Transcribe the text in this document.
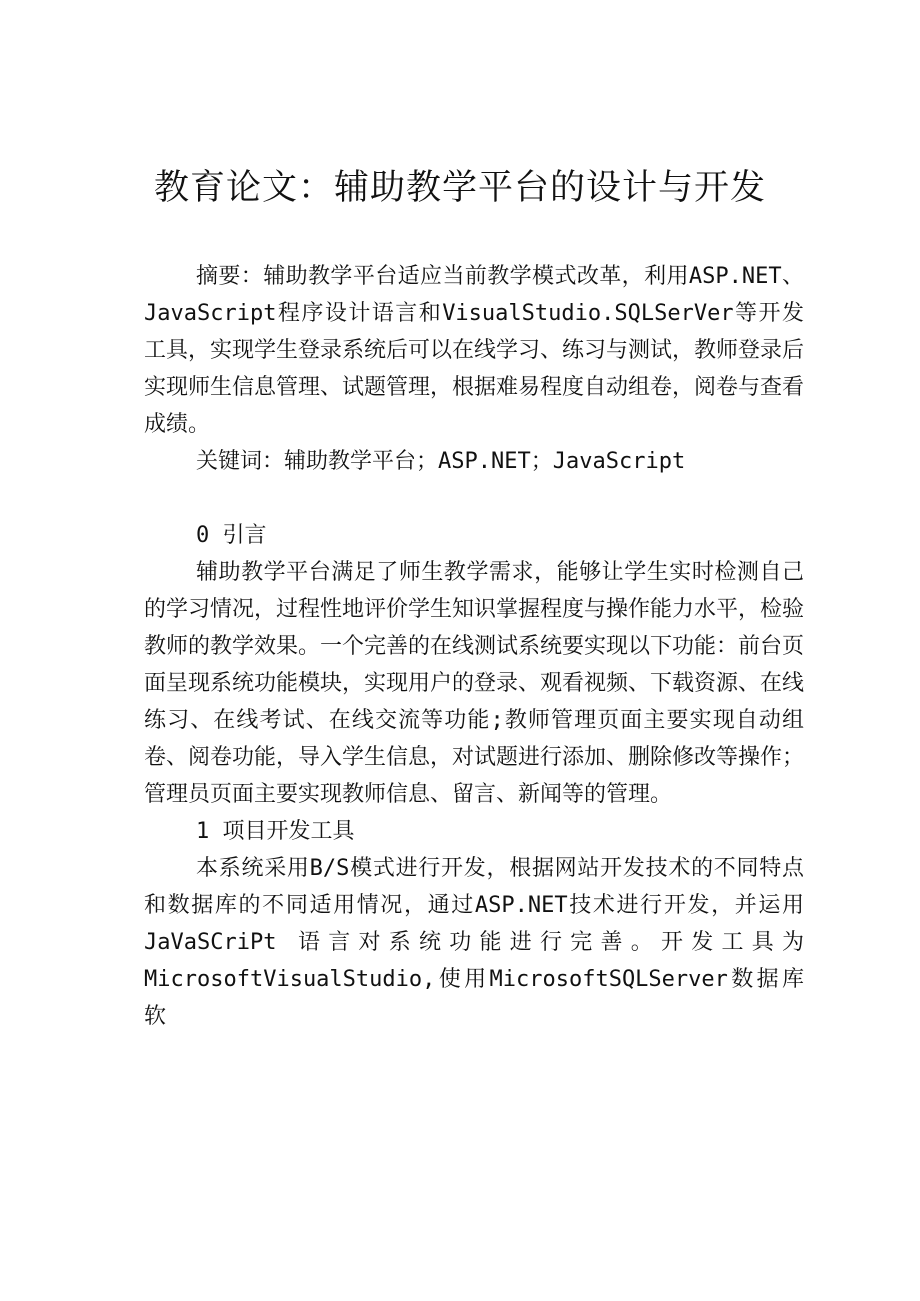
教育论文：辅助教学平台的设计与开发

摘要：辅助教学平台适应当前教学模式改革，利用ASP.NET、JavaScript程序设计语言和VisualStudio.SQLSerVer等开发工具，实现学生登录系统后可以在线学习、练习与测试，教师登录后实现师生信息管理、试题管理，根据难易程度自动组卷，阅卷与查看成绩。

关键词：辅助教学平台；ASP.NET；JavaScript

0 引言

辅助教学平台满足了师生教学需求，能够让学生实时检测自己的学习情况，过程性地评价学生知识掌握程度与操作能力水平，检验教师的教学效果。一个完善的在线测试系统要实现以下功能：前台页面呈现系统功能模块，实现用户的登录、观看视频、下载资源、在线练习、在线考试、在线交流等功能;教师管理页面主要实现自动组卷、阅卷功能，导入学生信息，对试题进行添加、删除修改等操作；管理员页面主要实现教师信息、留言、新闻等的管理。

1 项目开发工具

本系统采用B/S模式进行开发，根据网站开发技术的不同特点和数据库的不同适用情况，通过ASP.NET技术进行开发，并运用 JaVaSCriPt 语言对系统功能进行完善。开发工具为MicrosoftVisualStudio,使用MicrosoftSQLServer数据库软
